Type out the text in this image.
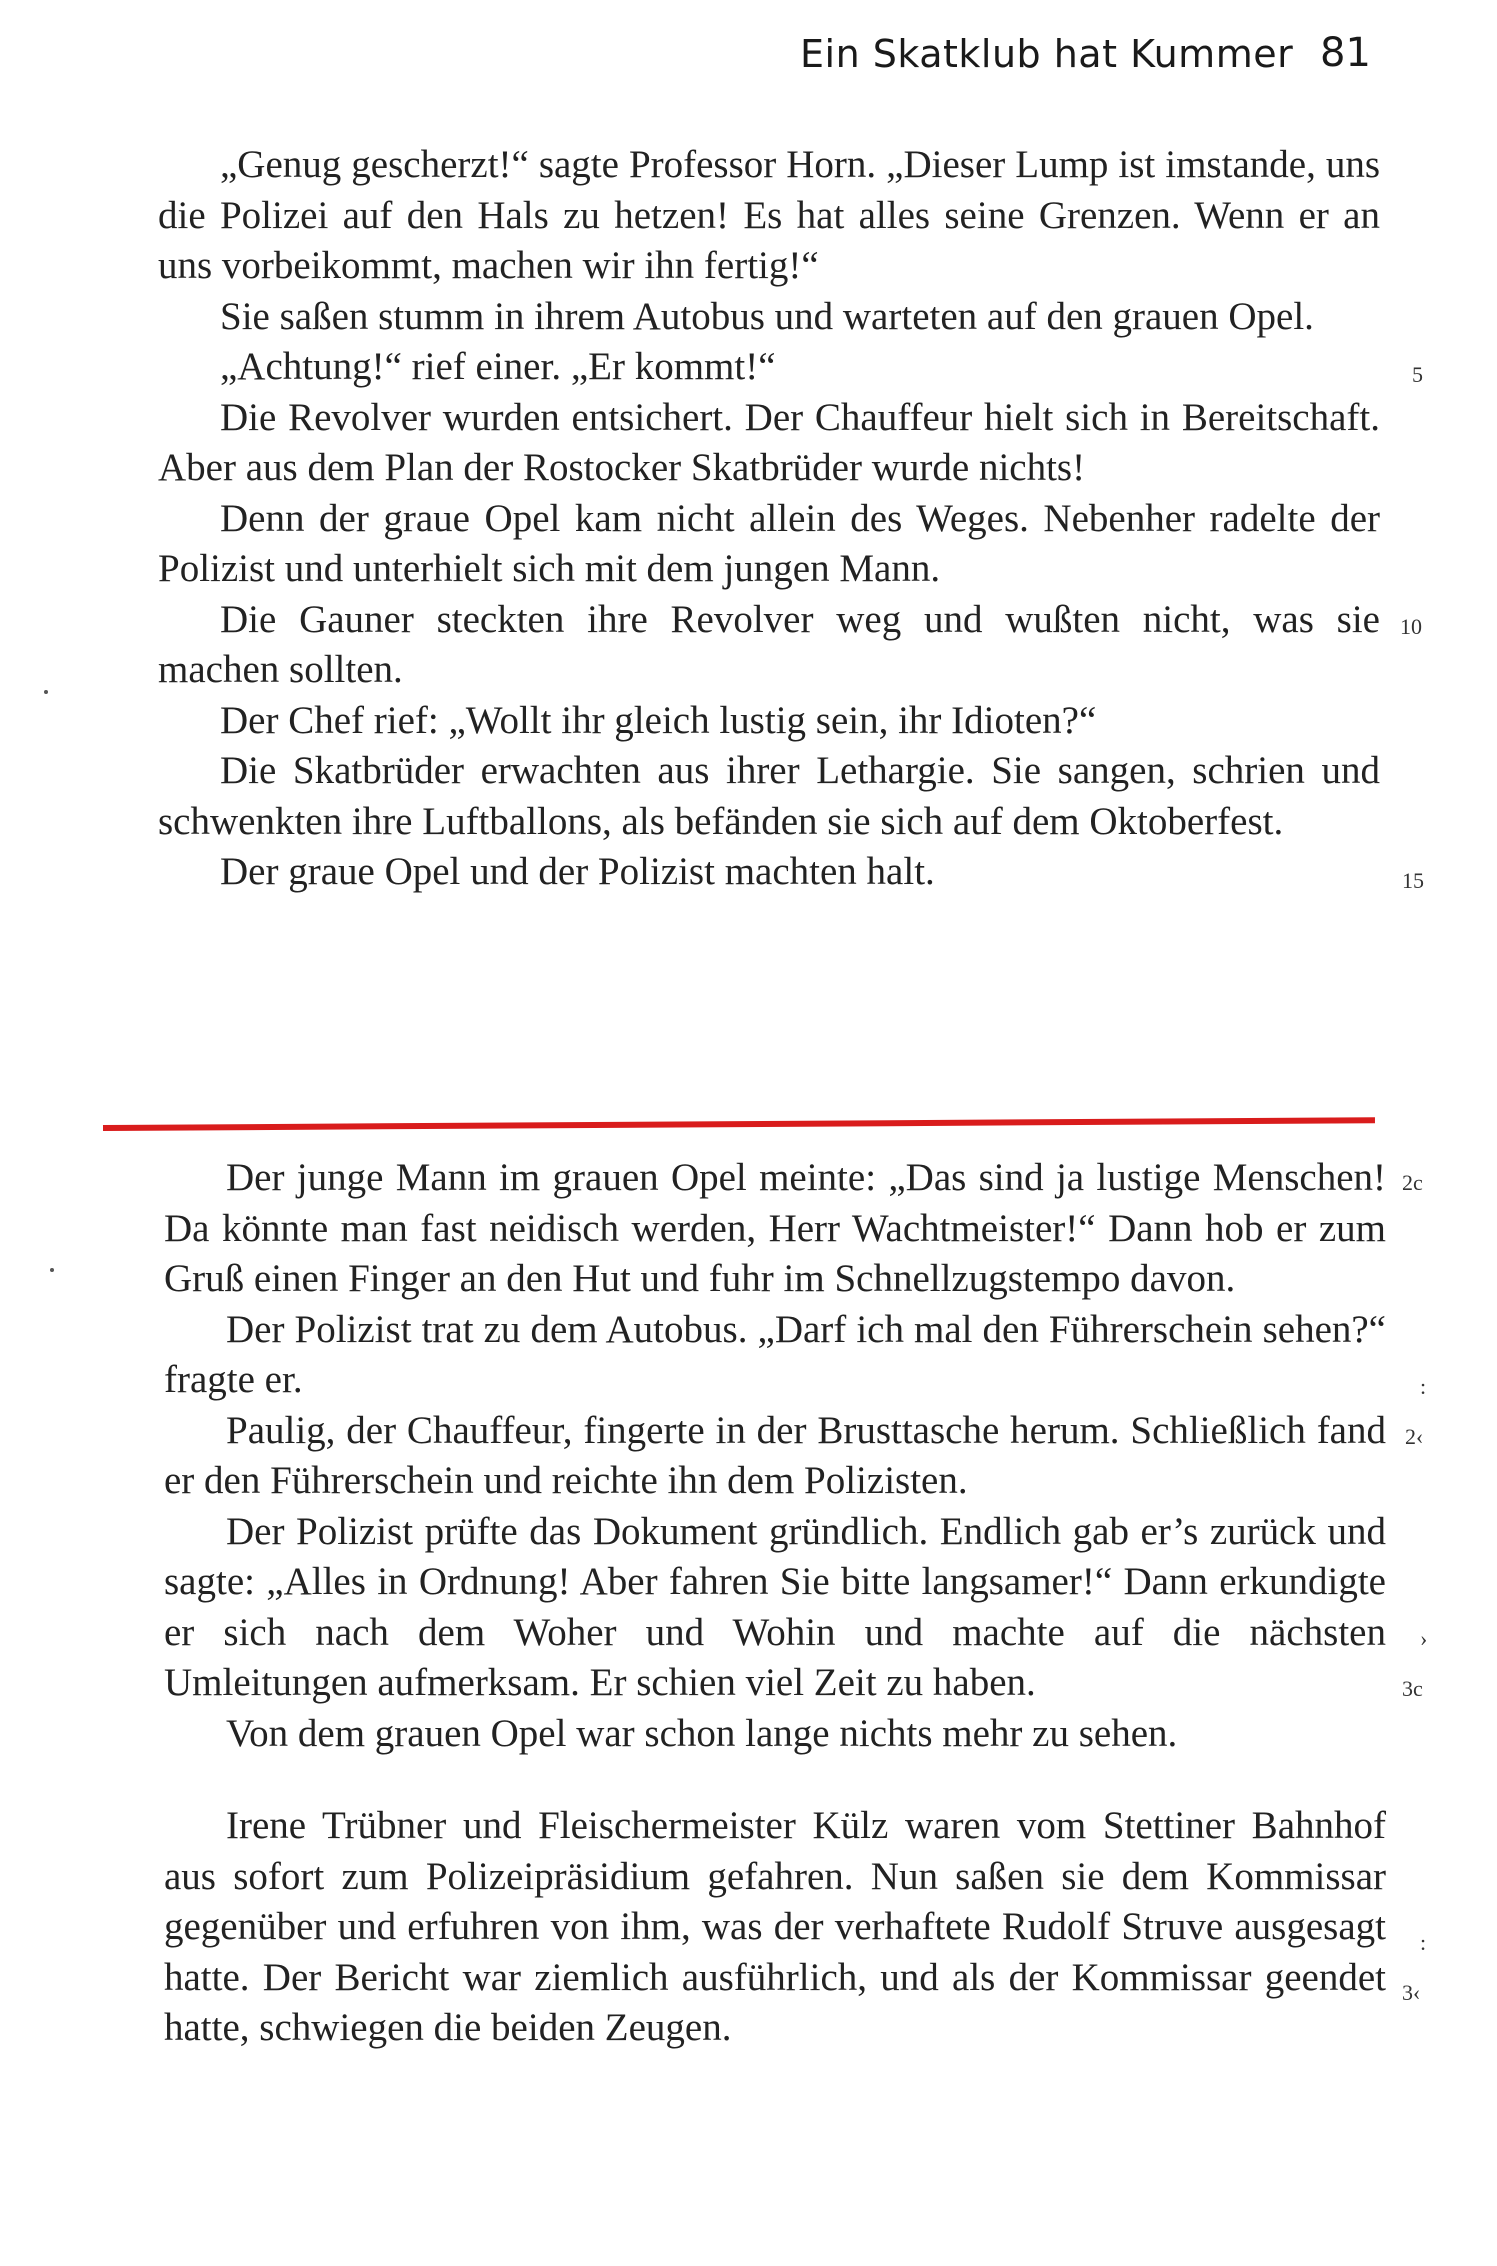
Ein Skatklub hat Kummer 81

„Genug gescherzt!“ sagte Professor Horn. „Dieser Lump ist imstande, uns die Polizei auf den Hals zu hetzen! Es hat alles seine Grenzen. Wenn er an uns vorbeikommt, machen wir ihn fertig!“

Sie saßen stumm in ihrem Autobus und warteten auf den grauen Opel.

„Achtung!“ rief einer. „Er kommt!“

Die Revolver wurden entsichert. Der Chauffeur hielt sich in Bereitschaft. Aber aus dem Plan der Rostocker Skatbrüder wurde nichts!

Denn der graue Opel kam nicht allein des Weges. Nebenher radelte der Polizist und unterhielt sich mit dem jungen Mann.

Die Gauner steckten ihre Revolver weg und wußten nicht, was sie machen sollten.

Der Chef rief: „Wollt ihr gleich lustig sein, ihr Idioten?“

Die Skatbrüder erwachten aus ihrer Lethargie. Sie sangen, schrien und schwenkten ihre Luftballons, als befänden sie sich auf dem Oktoberfest.

Der graue Opel und der Polizist machten halt.

5
10
15

Der junge Mann im grauen Opel meinte: „Das sind ja lustige Menschen! Da könnte man fast neidisch werden, Herr Wachtmeister!“ Dann hob er zum Gruß einen Finger an den Hut und fuhr im Schnellzugstempo davon.

Der Polizist trat zu dem Autobus. „Darf ich mal den Führerschein sehen?“ fragte er.

Paulig, der Chauffeur, fingerte in der Brusttasche herum. Schließlich fand er den Führerschein und reichte ihn dem Polizisten.

Der Polizist prüfte das Dokument gründlich. Endlich gab er’s zurück und sagte: „Alles in Ordnung! Aber fahren Sie bitte langsamer!“ Dann erkundigte er sich nach dem Woher und Wohin und machte auf die nächsten Umleitungen aufmerksam. Er schien viel Zeit zu haben.

Von dem grauen Opel war schon lange nichts mehr zu sehen.

Irene Trübner und Fleischermeister Külz waren vom Stettiner Bahnhof aus sofort zum Polizeipräsidium gefahren. Nun saßen sie dem Kommissar gegenüber und erfuhren von ihm, was der verhaftete Rudolf Struve ausgesagt hatte. Der Bericht war ziemlich ausführlich, und als der Kommissar geendet hatte, schwiegen die beiden Zeugen.

2c
:
2‹
›
3c
:
3‹
